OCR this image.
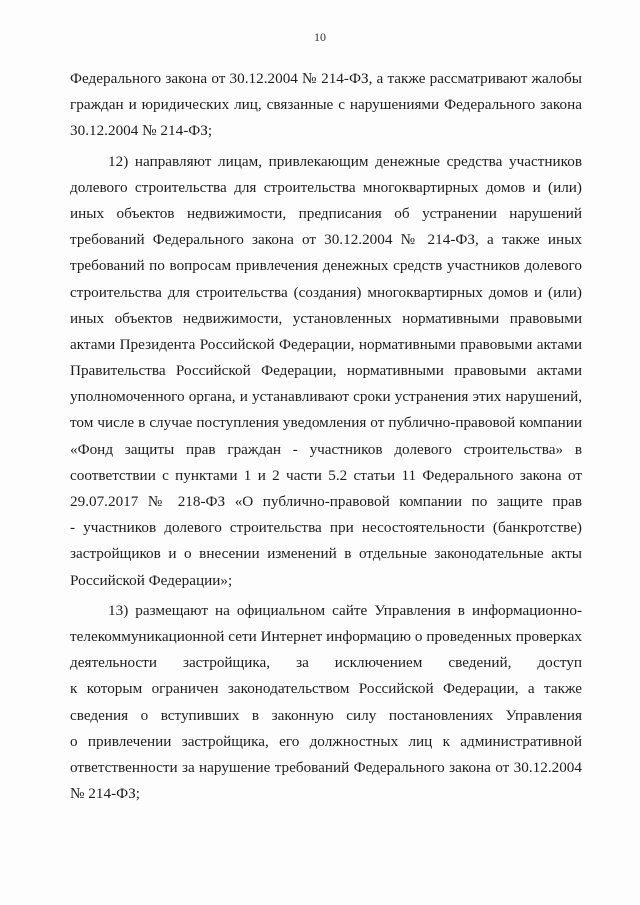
10
Федерального закона от 30.12.2004 № 214-ФЗ, а также рассматривают жалобы
граждан и юридических лиц, связанные с нарушениями Федерального закона
30.12.2004 № 214-ФЗ;
12) направляют лицам, привлекающим денежные средства участников
долевого строительства для строительства многоквартирных домов и (или)
иных объектов недвижимости, предписания об устранении нарушений
требований Федерального закона от 30.12.2004 № 214-ФЗ, а также иных
требований по вопросам привлечения денежных средств участников долевого
строительства для строительства (создания) многоквартирных домов и (или)
иных объектов недвижимости, установленных нормативными правовыми
актами Президента Российской Федерации, нормативными правовыми актами
Правительства Российской Федерации, нормативными правовыми актами
уполномоченного органа, и устанавливают сроки устранения этих нарушений,
том числе в случае поступления уведомления от публично-правовой компании
«Фонд защиты прав граждан - участников долевого строительства» в
соответствии с пунктами 1 и 2 части 5.2 статьи 11 Федерального закона от
29.07.2017 № 218-ФЗ «О публично-правовой компании по защите прав
- участников долевого строительства при несостоятельности (банкротстве)
застройщиков и о внесении изменений в отдельные законодательные акты
Российской Федерации»;
13) размещают на официальном сайте Управления в информационно-
телекоммуникационной сети Интернет информацию о проведенных проверках
деятельности застройщика, за исключением сведений, доступ
к которым ограничен законодательством Российской Федерации, а также
сведения о вступивших в законную силу постановлениях Управления
о привлечении застройщика, его должностных лиц к административной
ответственности за нарушение требований Федерального закона от 30.12.2004
№ 214-ФЗ;
